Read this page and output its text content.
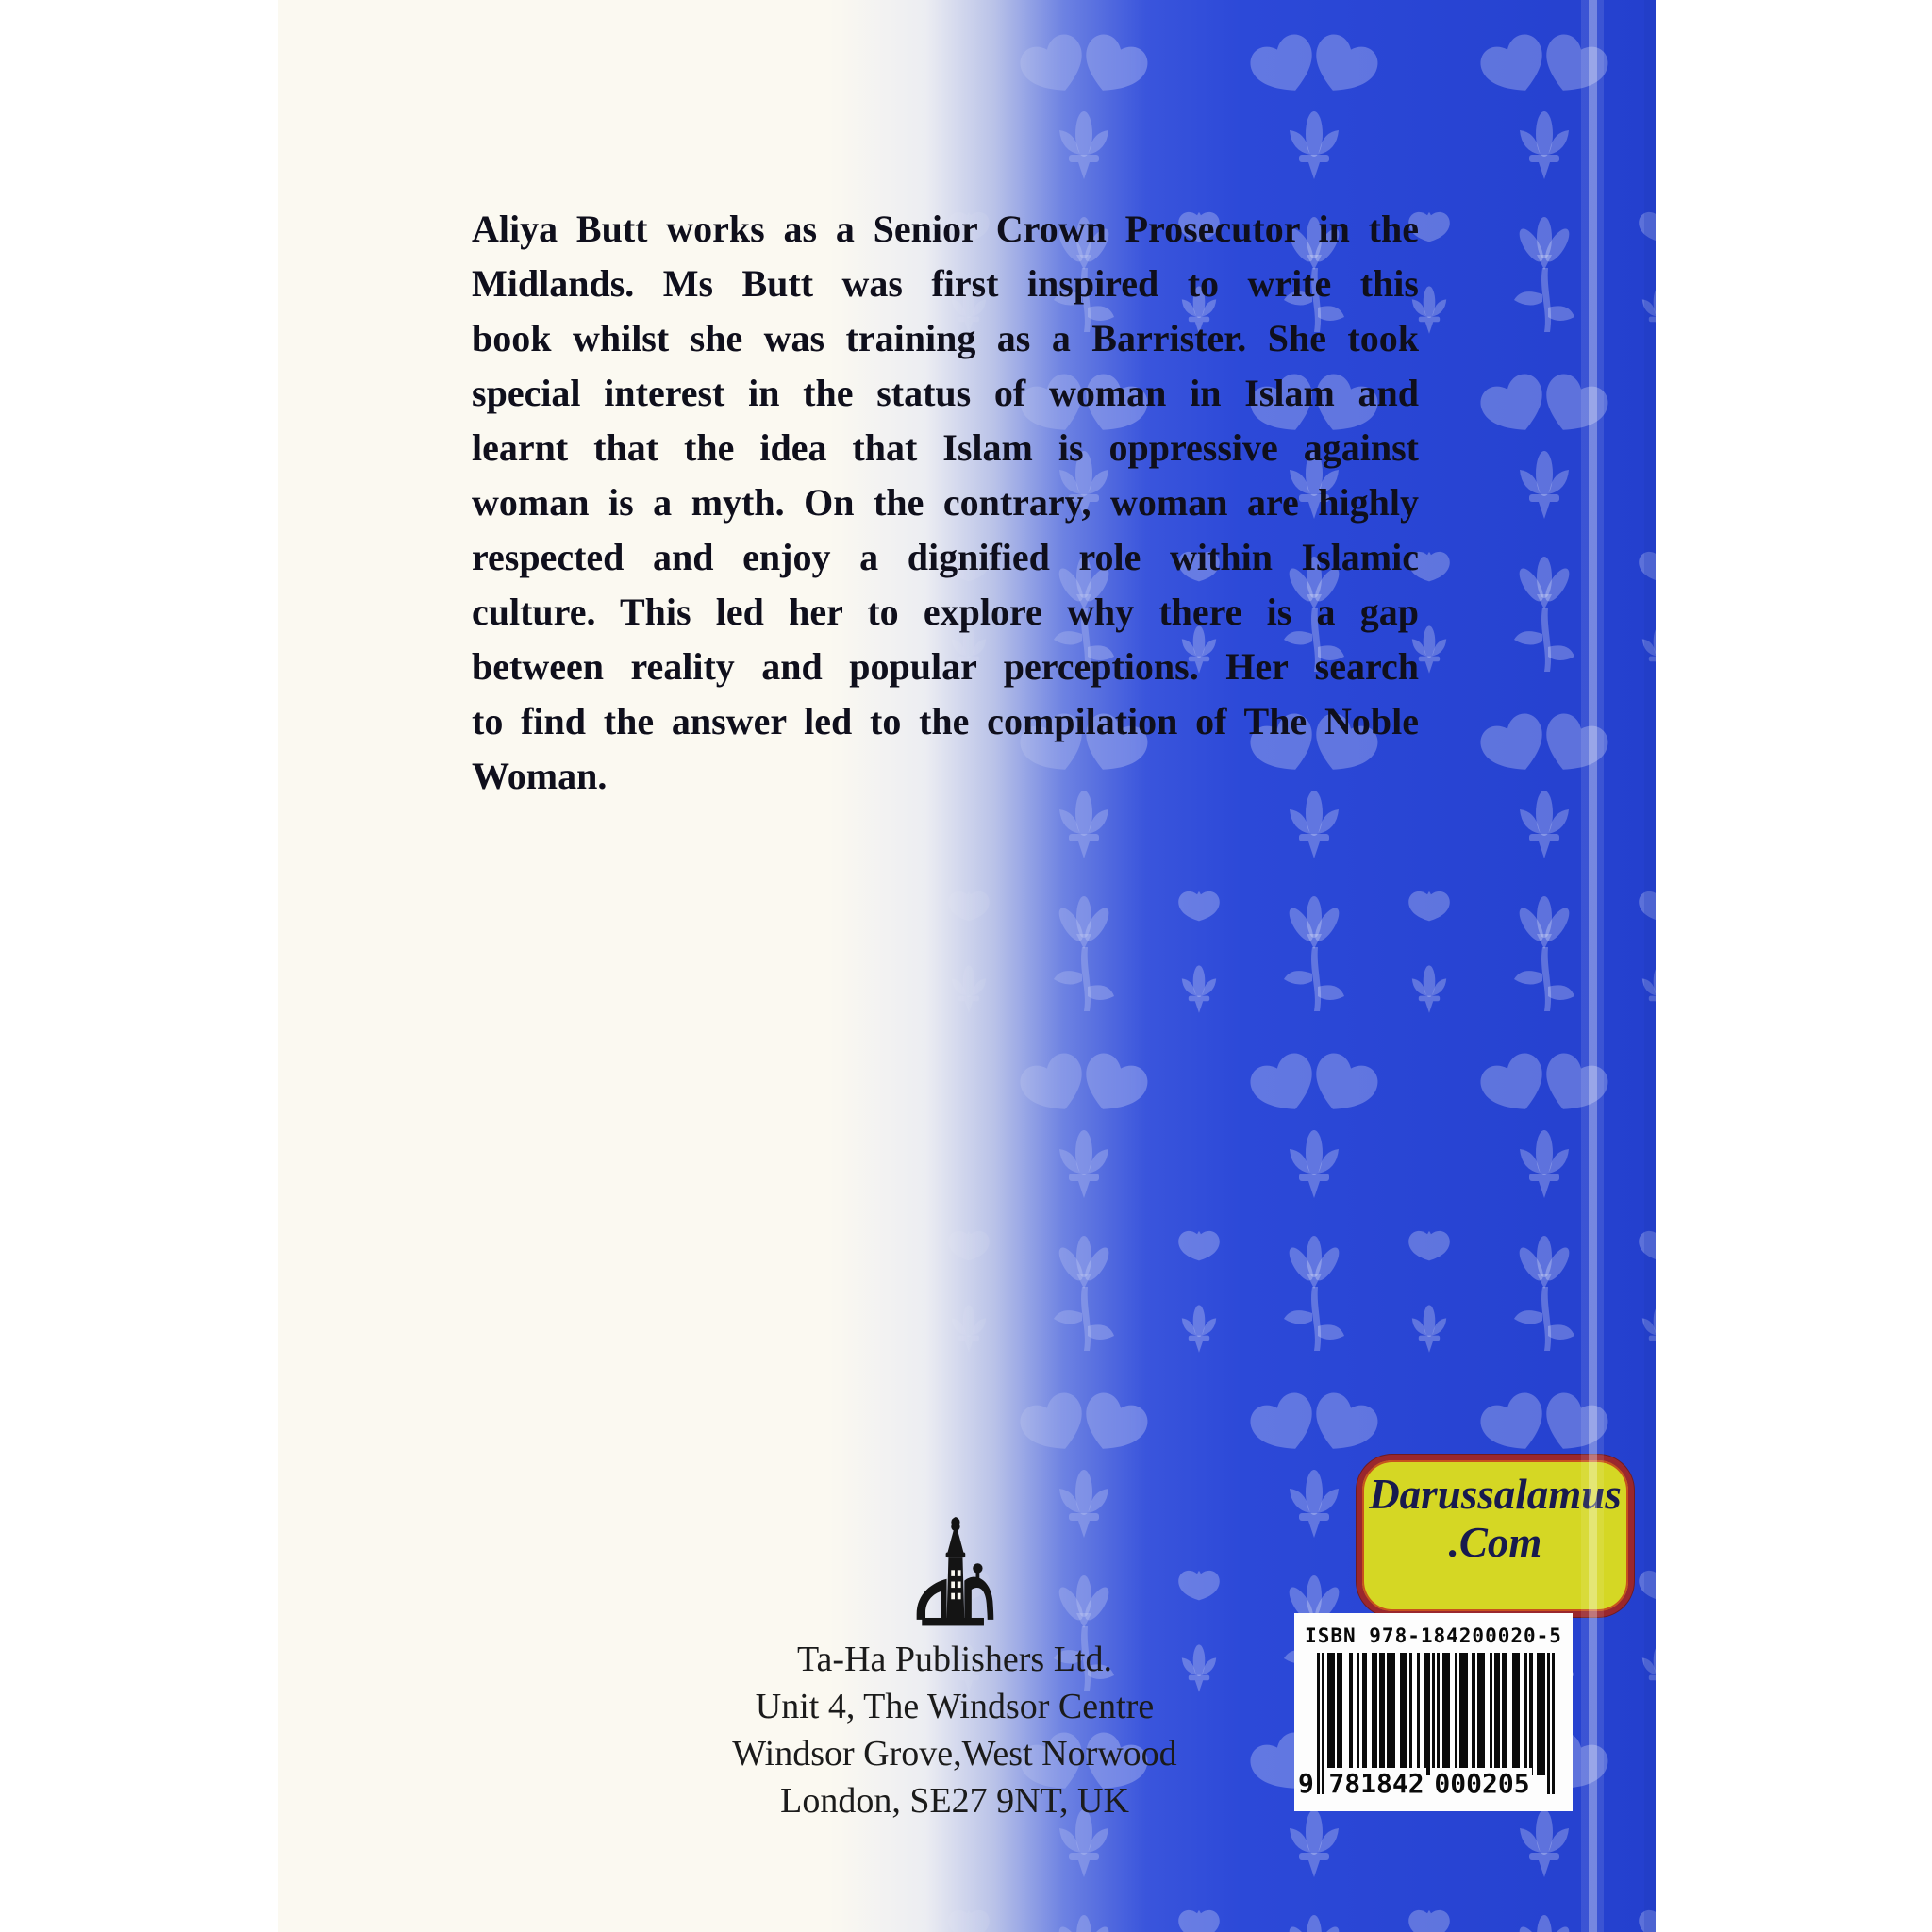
Aliya Butt works as a Senior Crown Prosecutor in the
Midlands. Ms Butt was first inspired to write this
book whilst she was training as a Barrister. She took
special interest in the status of woman in Islam and
learnt that the idea that Islam is oppressive against
woman is a myth. On the contrary, woman are highly
respected and enjoy a dignified role within Islamic
culture. This led her to explore why there is a gap
between reality and popular perceptions. Her search
to find the answer led to the compilation of The Noble
Woman.
Ta-Ha Publishers Ltd.
Unit 4, The Windsor Centre
Windsor Grove,West Norwood
London, SE27 9NT, UK
Darussalamus
.Com
ISBN 978-184200020-5
9 781842 000205
